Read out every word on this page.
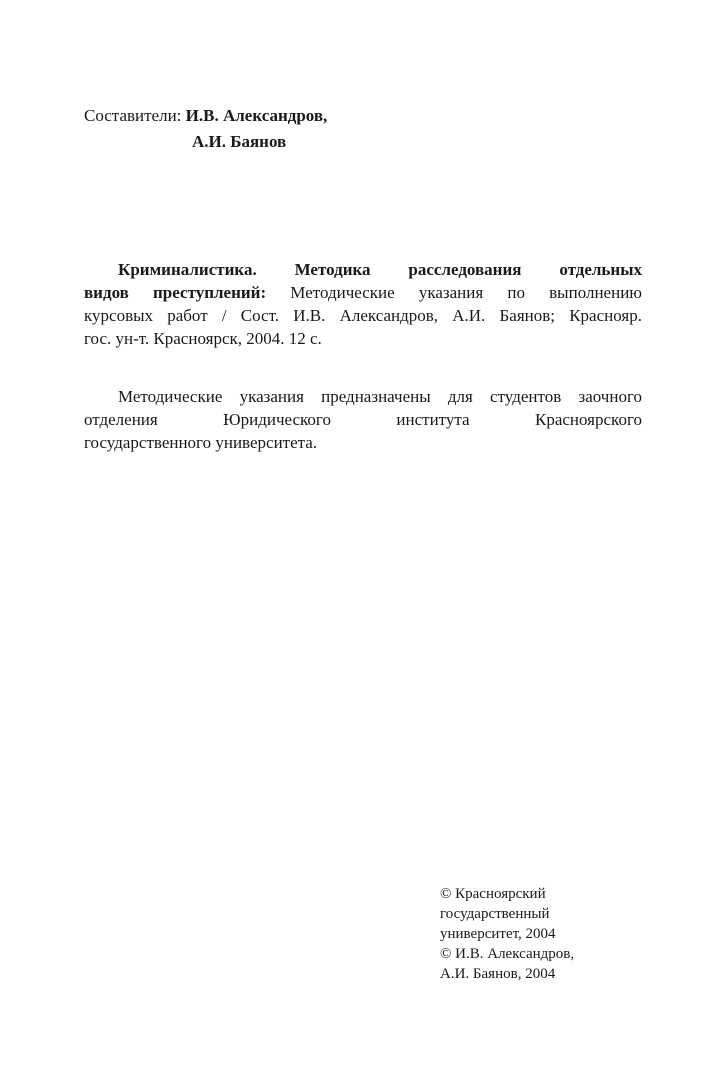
Составители: И.В. Александров,
А.И. Баянов
Криминалистика. Методика расследования отдельных
видов преступлений: Методические указания по выполнению
курсовых работ / Сост. И.В. Александров, А.И. Баянов; Краснояр.
гос. ун-т. Красноярск, 2004. 12 с.
Методические указания предназначены для студентов заочного
отделения Юридического института Красноярского
государственного университета.
© Красноярский
государственный
университет, 2004
© И.В. Александров,
А.И. Баянов, 2004
